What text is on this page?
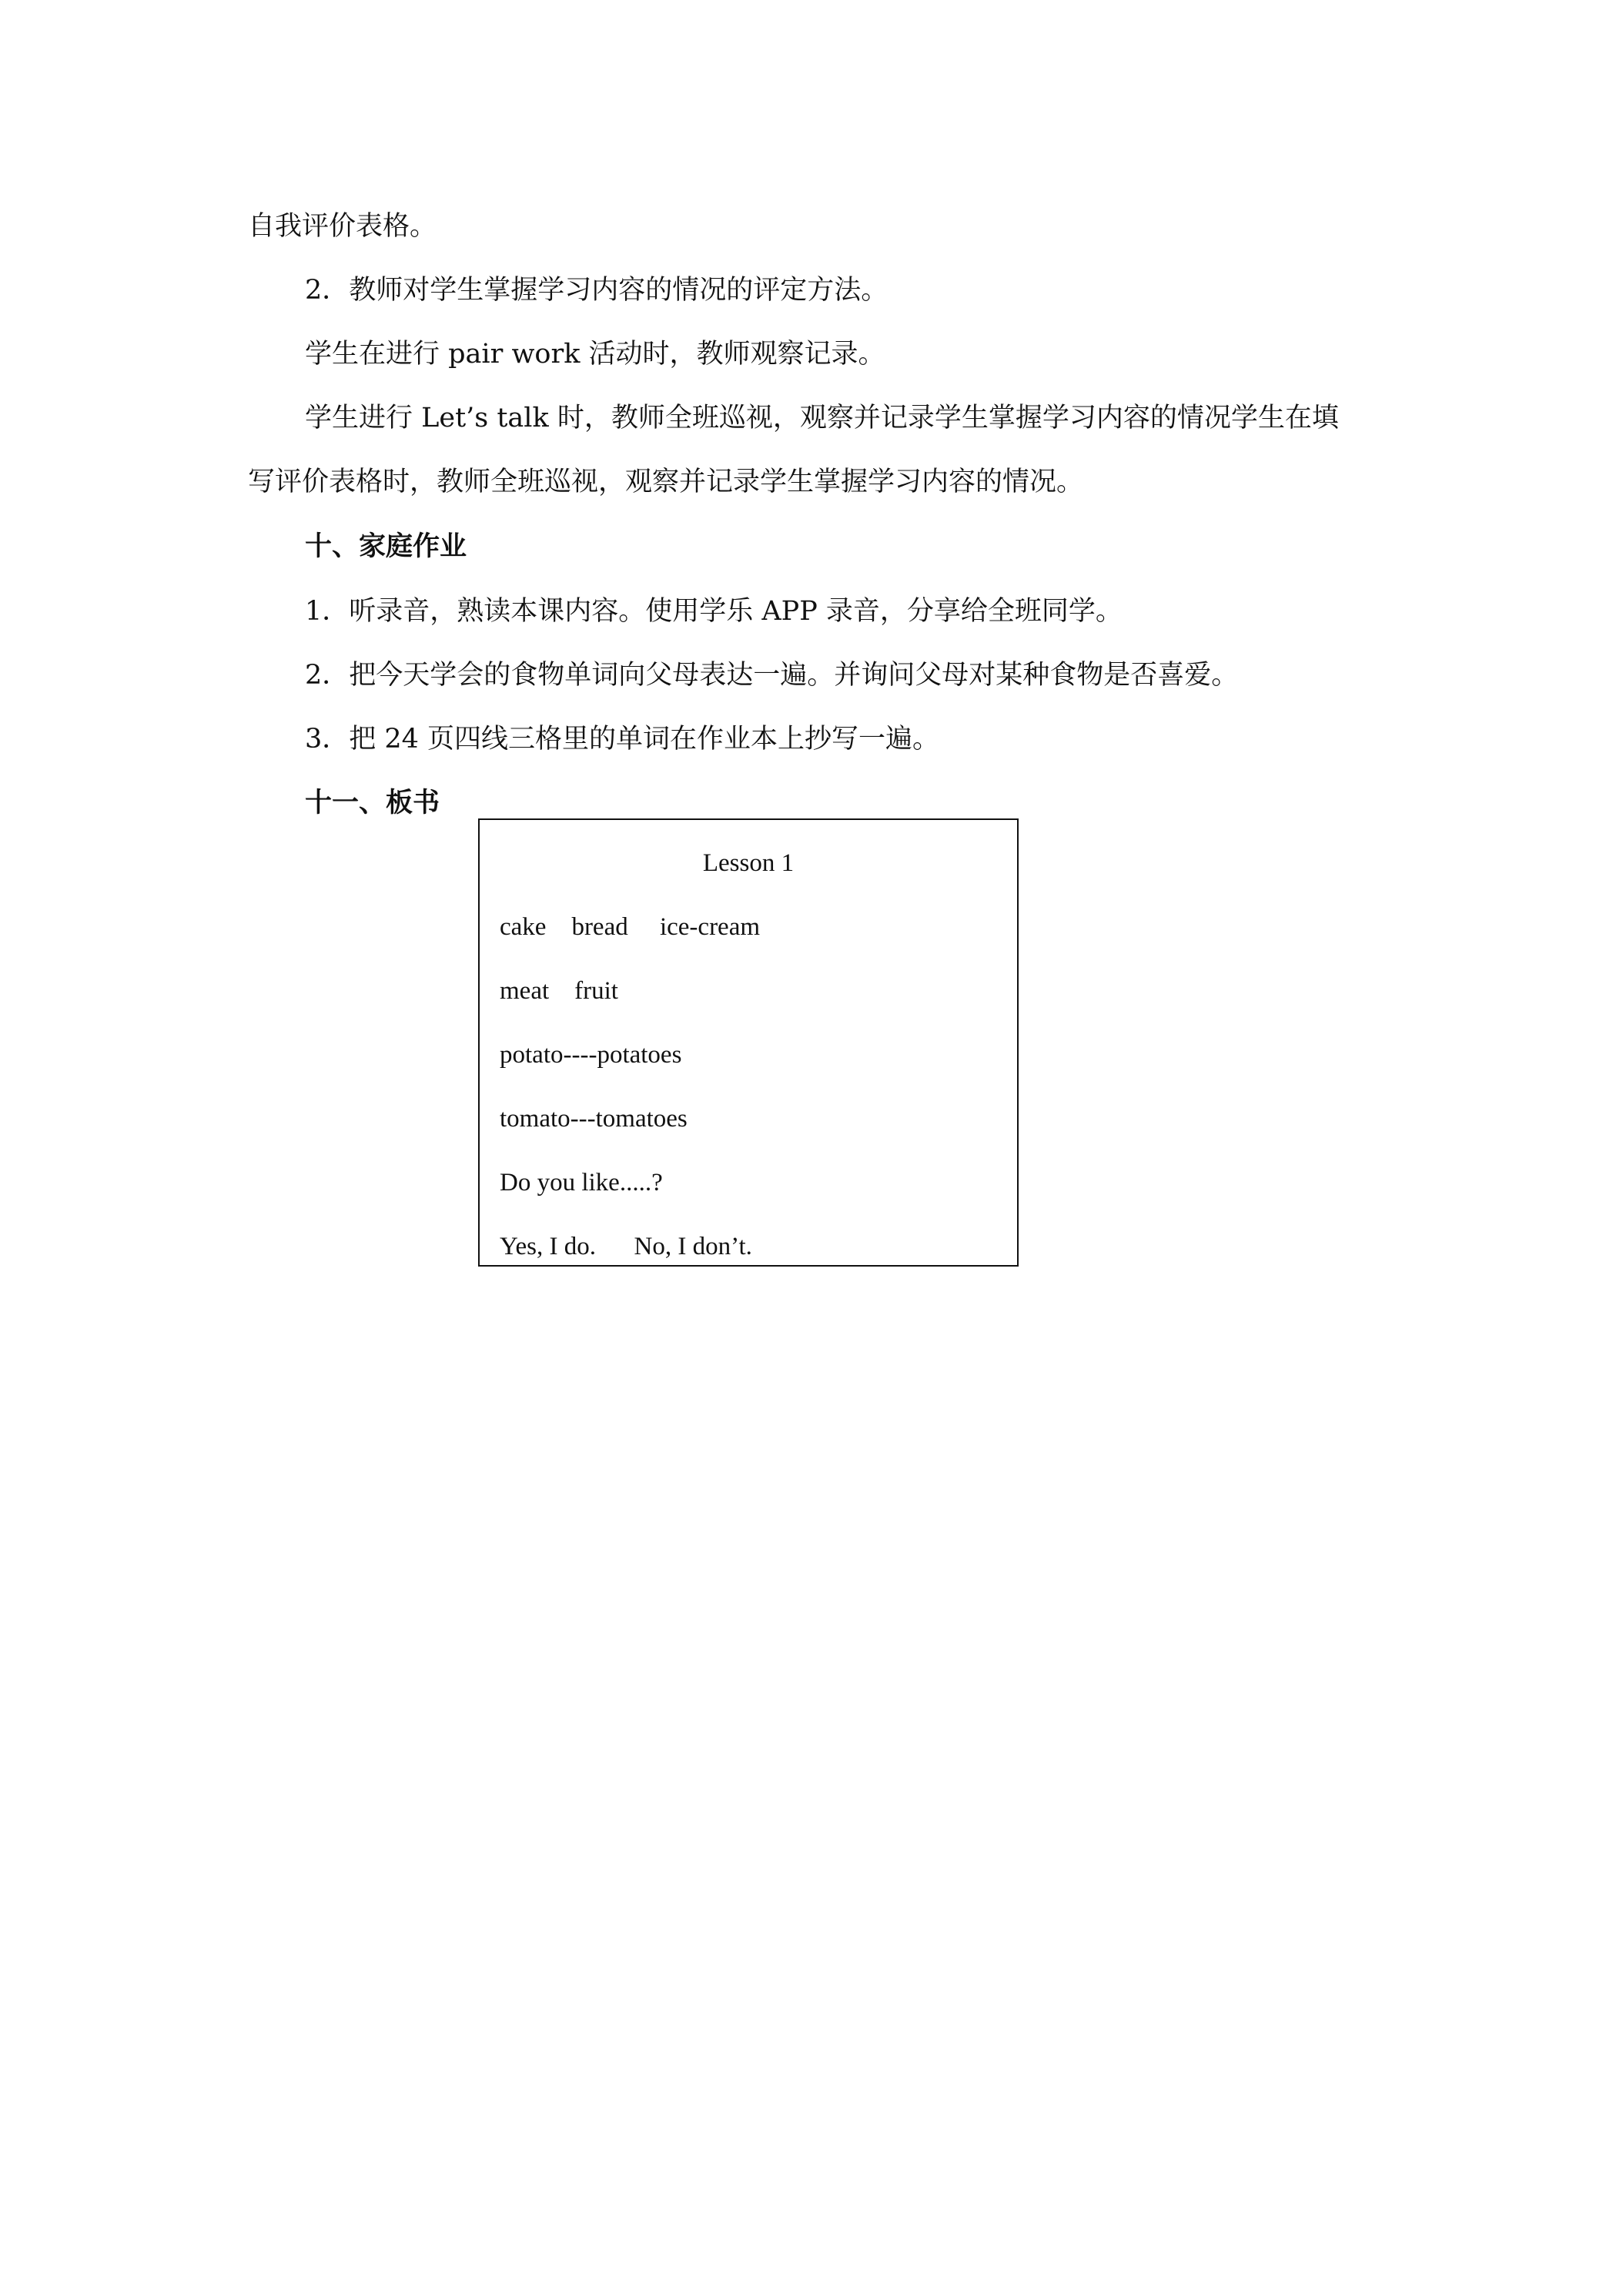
自我评价表格。
2．教师对学生掌握学习内容的情况的评定方法。
学生在进行 pair work 活动时，教师观察记录。
学生进行 Let’s talk 时，教师全班巡视，观察并记录学生掌握学习内容的情况学生在填
写评价表格时，教师全班巡视，观察并记录学生掌握学习内容的情况。
十、家庭作业
1．听录音，熟读本课内容。使用学乐 APP 录音，分享给全班同学。
2．把今天学会的食物单词向父母表达一遍。并询问父母对某种食物是否喜爱。
3．把 24 页四线三格里的单词在作业本上抄写一遍。
十一、板书
Lesson 1
cake    bread     ice-cream
meat    fruit
potato----potatoes
tomato---tomatoes
Do you like.....?
Yes, I do.      No, I don’t.
